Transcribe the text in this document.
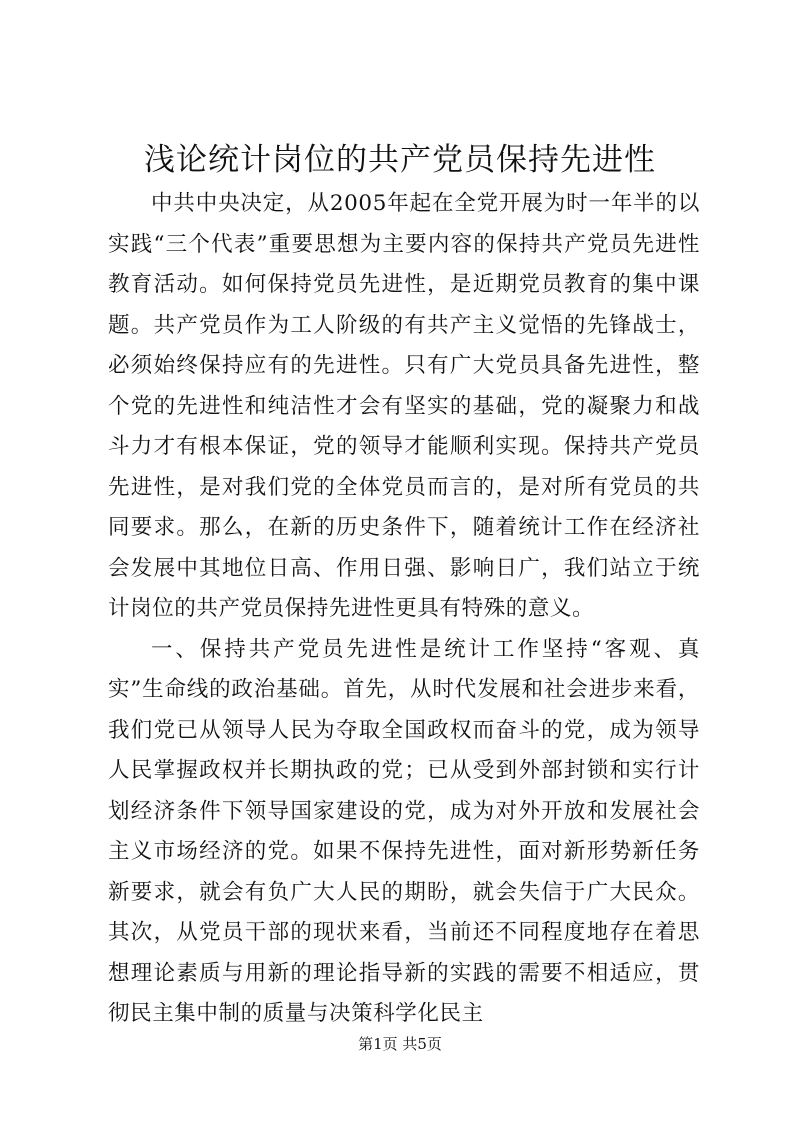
浅论统计岗位的共产党员保持先进性

中共中央决定，从2005年起在全党开展为时一年半的以实践“三个代表”重要思想为主要内容的保持共产党员先进性教育活动。如何保持党员先进性，是近期党员教育的集中课题。共产党员作为工人阶级的有共产主义觉悟的先锋战士，必须始终保持应有的先进性。只有广大党员具备先进性，整个党的先进性和纯洁性才会有坚实的基础，党的凝聚力和战斗力才有根本保证，党的领导才能顺利实现。保持共产党员先进性，是对我们党的全体党员而言的，是对所有党员的共同要求。那么，在新的历史条件下，随着统计工作在经济社会发展中其地位日高、作用日强、影响日广，我们站立于统计岗位的共产党员保持先进性更具有特殊的意义。

一、保持共产党员先进性是统计工作坚持“客观、真实”生命线的政治基础。首先，从时代发展和社会进步来看，我们党已从领导人民为夺取全国政权而奋斗的党，成为领导人民掌握政权并长期执政的党；已从受到外部封锁和实行计划经济条件下领导国家建设的党，成为对外开放和发展社会主义市场经济的党。如果不保持先进性，面对新形势新任务新要求，就会有负广大人民的期盼，就会失信于广大民众。其次，从党员干部的现状来看，当前还不同程度地存在着思想理论素质与用新的理论指导新的实践的需要不相适应，贯彻民主集中制的质量与决策科学化民主

第1页 共5页
